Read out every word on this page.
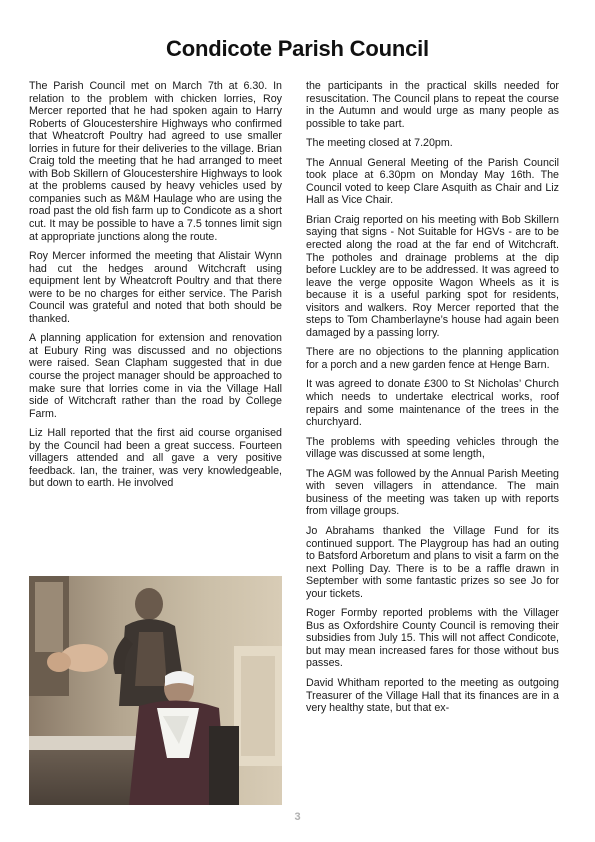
Condicote Parish Council

The Parish Council met on March 7th at 6.30. In relation to the problem with chicken lorries, Roy Mercer reported that he had spoken again to Harry Roberts of Gloucestershire Highways who confirmed that Wheatcroft Poultry had agreed to use smaller lorries in future for their deliveries to the village. Brian Craig told the meeting that he had arranged to meet with Bob Skillern of Gloucestershire Highways to look at the problems caused by heavy vehicles used by companies such as M&M Haulage who are using the road past the old fish farm up to Condicote as a short cut. It may be possible to have a 7.5 tonnes limit sign at appropriate junctions along the route.

Roy Mercer informed the meeting that Alistair Wynn had cut the hedges around Witchcraft using equipment lent by Wheatcroft Poultry and that there were to be no charges for either service. The Parish Council was grateful and noted that both should be thanked.

A planning application for extension and renovation at Eubury Ring was discussed and no objections were raised. Sean Clapham suggested that in due course the project manager should be approached to make sure that lorries come in via the Village Hall side of Witchcraft rather than the road by College Farm.

Liz Hall reported that the first aid course organised by the Council had been a great success. Fourteen villagers attended and all gave a very positive feedback. Ian, the trainer, was very knowledgeable, but down to earth. He involved

the participants in the practical skills needed for resuscitation. The Council plans to repeat the course in the Autumn and would urge as many people as possible to take part.

The meeting closed at 7.20pm.

The Annual General Meeting of the Parish Council took place at 6.30pm on Monday May 16th. The Council voted to keep Clare Asquith as Chair and Liz Hall as Vice Chair.

Brian Craig reported on his meeting with Bob Skillern saying that signs - Not Suitable for HGVs - are to be erected along the road at the far end of Witchcraft. The potholes and drainage problems at the dip before Luckley are to be addressed. It was agreed to leave the verge opposite Wagon Wheels as it is because it is a useful parking spot for residents, visitors and walkers. Roy Mercer reported that the steps to Tom Chamberlayne’s house had again been damaged by a passing lorry.

There are no objections to the planning application for a porch and a new garden fence at Henge Barn.

It was agreed to donate £300 to St Nicholas’ Church which needs to undertake electrical works, roof repairs and some maintenance of the trees in the churchyard.

The problems with speeding vehicles through the village was discussed at some length,

The AGM was followed by the Annual Parish Meeting with seven villagers in attendance. The main business of the meeting was taken up with reports from village groups.

Jo Abrahams thanked the Village Fund for its continued support. The Playgroup has had an outing to Batsford Arboretum and plans to visit a farm on the next Polling Day. There is to be a raffle drawn in September with some fantastic prizes so see Jo for your tickets.

Roger Formby reported problems with the Villager Bus as Oxfordshire County Council is removing their subsidies from July 15. This will not affect Condicote, but may mean increased fares for those without bus passes.

David Whitham reported to the meeting as outgoing Treasurer of the Village Hall that its finances are in a very healthy state, but that ex-

3
